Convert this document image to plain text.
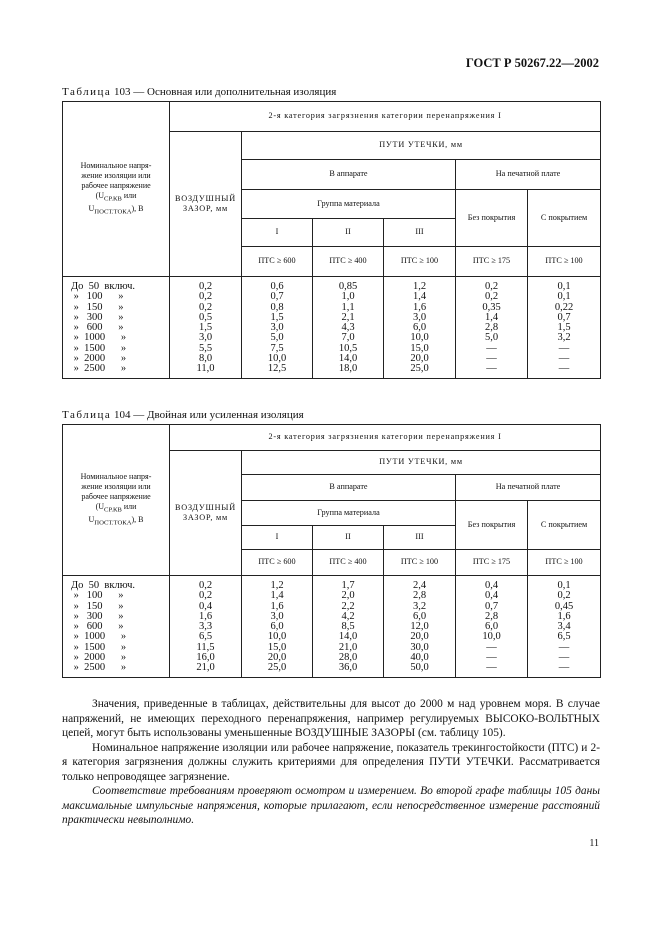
ГОСТ Р 50267.22—2002
Таблица 103 — Основная или дополнительная изоляция
Номинальное напря-
жение изоляции или
рабочее напряжение
($U_{СР.КВ}$ или
$U_{ПОСТ.ТОКА}$), В	2-я категория загрязнения категории перенапряжения I					
	ВОЗДУШНЫЙ ЗАЗОР, мм	ПУТИ УТЕЧКИ, мм				
		В аппарате			На печатной плате	
		Группа материала			Без покрытия	С покрытием
		I	II	III		
		ПТС ≥ 600	ПТС ≥ 400	ПТС ≥ 100	ПТС ≥ 175	ПТС ≥ 100
До  50  включ.	0,2	0,6	0,85	1,2	0,2	0,1
»   100      »	0,2	0,7	1,0	1,4	0,2	0,1
»   150      »	0,2	0,8	1,1	1,6	0,35	0,22
»   300      »	0,5	1,5	2,1	3,0	1,4	0,7
»   600      »	1,5	3,0	4,3	6,0	2,8	1,5
»  1000      »	3,0	5,0	7,0	10,0	5,0	3,2
»  1500      »	5,5	7,5	10,5	15,0	—	—
»  2000      »	8,0	10,0	14,0	20,0	—	—
»  2500      »	11,0	12,5	18,0	25,0	—	—
Таблица 104 — Двойная или усиленная изоляция
Номинальное напря-
жение изоляции или
рабочее напряжение
($U_{СР.КВ}$ или
$U_{ПОСТ.ТОКА}$), В	2-я категория загрязнения категории перенапряжения I					
	ВОЗДУШНЫЙ ЗАЗОР, мм	ПУТИ УТЕЧКИ, мм				
		В аппарате			На печатной плате	
		Группа материала			Без покрытия	С покрытием
		I	II	III		
		ПТС ≥ 600	ПТС ≥ 400	ПТС ≥ 100	ПТС ≥ 175	ПТС ≥ 100
До  50  включ.	0,2	1,2	1,7	2,4	0,4	0,1
»   100      »	0,2	1,4	2,0	2,8	0,4	0,2
»   150      »	0,4	1,6	2,2	3,2	0,7	0,45
»   300      »	1,6	3,0	4,2	6,0	2,8	1,6
»   600      »	3,3	6,0	8,5	12,0	6,0	3,4
»  1000      »	6,5	10,0	14,0	20,0	10,0	6,5
»  1500      »	11,5	15,0	21,0	30,0	—	—
»  2000      »	16,0	20,0	28,0	40,0	—	—
»  2500      »	21,0	25,0	36,0	50,0	—	—

Значения, приведенные в таблицах, действительны для высот до 2000 м над уровнем моря. В случае напряжений, не имеющих переходного перенапряжения, например регулируемых ВЫСОКО-ВОЛЬТНЫХ цепей, могут быть использованы уменьшенные ВОЗДУШНЫЕ ЗАЗОРЫ (см. таблицу 105).

Номинальное напряжение изоляции или рабочее напряжение, показатель трекингостойкости (ПТС) и 2-я категория загрязнения должны служить критериями для определения ПУТИ УТЕЧКИ. Рассматривается только непроводящее загрязнение.

Соответствие требованиям проверяют осмотром и измерением. Во второй графе таблицы 105 даны максимальные импульсные напряжения, которые прилагают, если непосредственное измерение расстояний практически невыполнимо.

11
